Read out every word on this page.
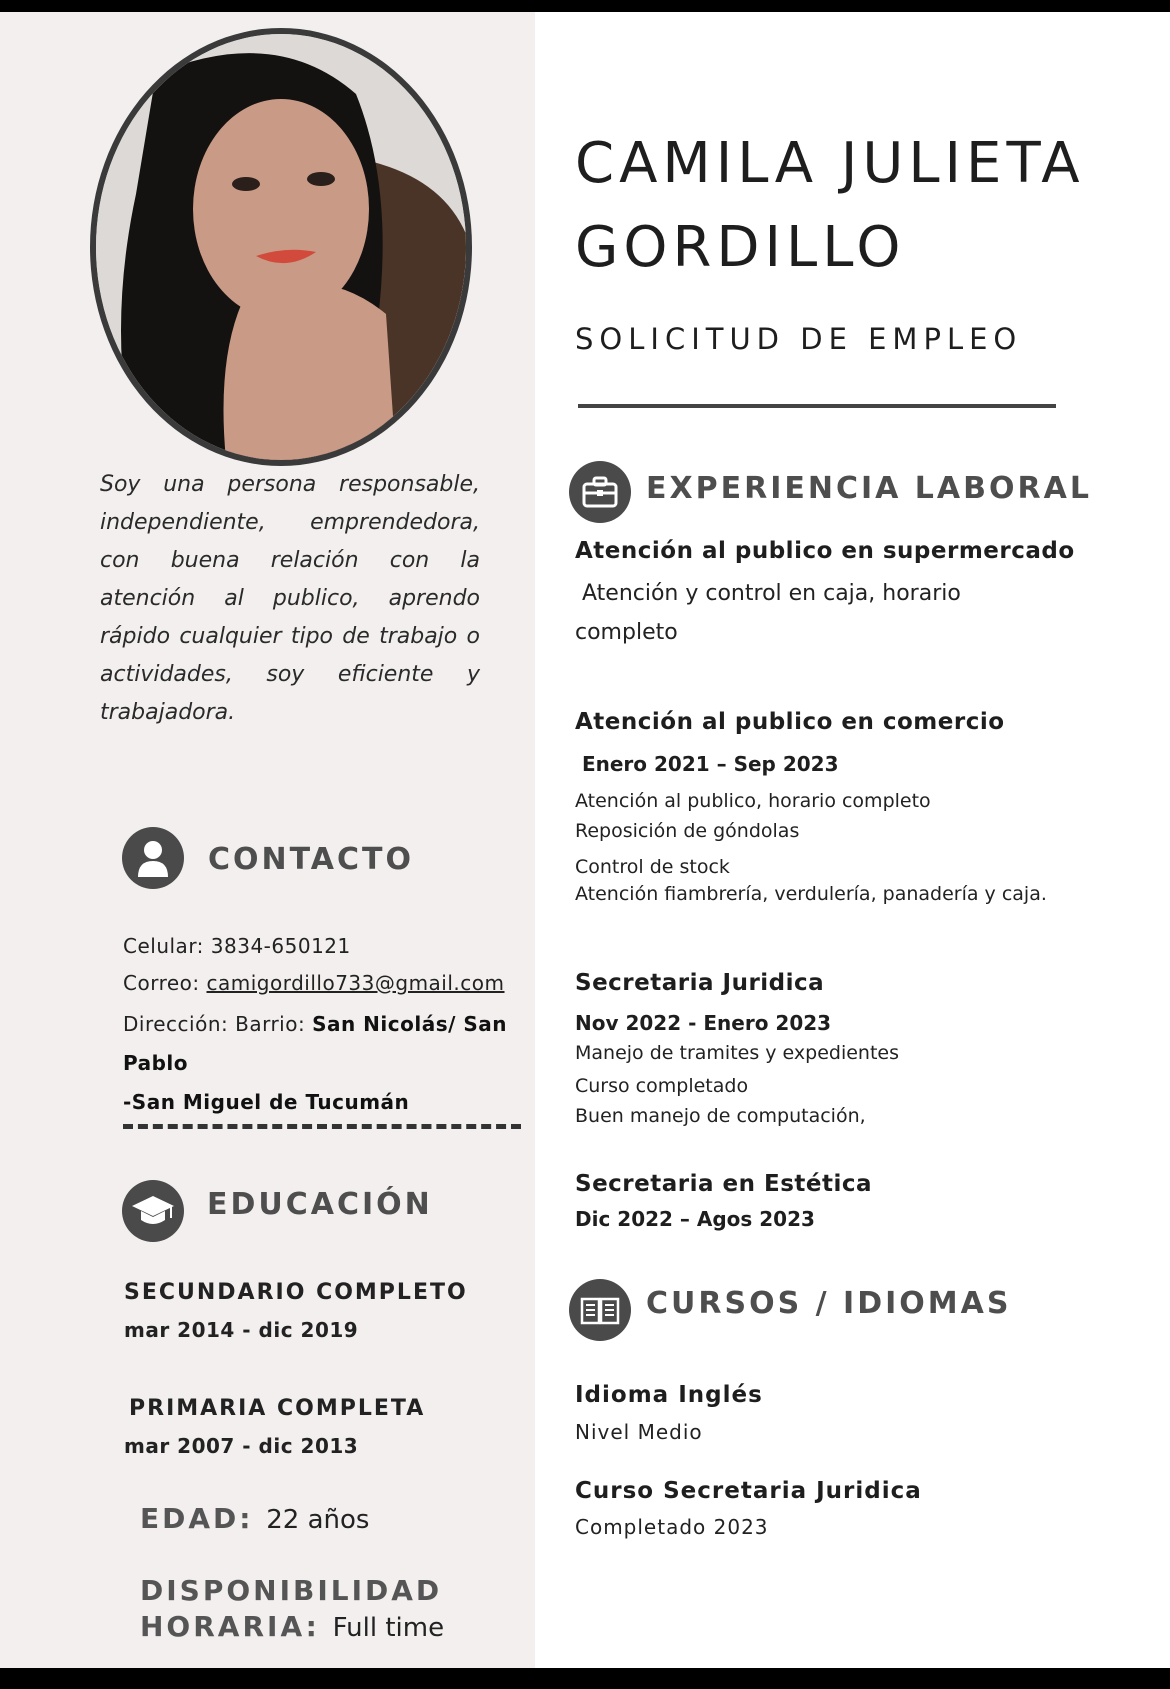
Soy una persona responsable, independiente, emprendedora, con buena relación con la atención al publico, aprendo rápido cualquier tipo de trabajo o actividades, soy eficiente y trabajadora.
CONTACTO
Celular: 3834-650121
Correo: camigordillo733@gmail.com
Dirección: Barrio: San Nicolás/ San
Pablo
-San Miguel de Tucumán
EDUCACIÓN
SECUNDARIO COMPLETO
mar 2014 - dic 2019
PRIMARIA COMPLETA
mar 2007 - dic 2013
EDAD: 22 años
DISPONIBILIDAD
HORARIA: Full time
CAMILA JULIETA
GORDILLO
SOLICITUD DE EMPLEO
EXPERIENCIA LABORAL
Atención al publico en supermercado
Atención y control en caja, horario
completo
Atención al publico en comercio
Enero 2021 – Sep 2023
Atención al publico, horario completo
Reposición de góndolas
Control de stock
Atención fiambrería, verdulería, panadería y caja.
Secretaria Juridica
Nov 2022 - Enero 2023
Manejo de tramites y expedientes
Curso completado
Buen manejo de computación,
Secretaria en Estética
Dic 2022 – Agos 2023
CURSOS / IDIOMAS
Idioma Inglés
Nivel Medio
Curso Secretaria Juridica
Completado 2023
